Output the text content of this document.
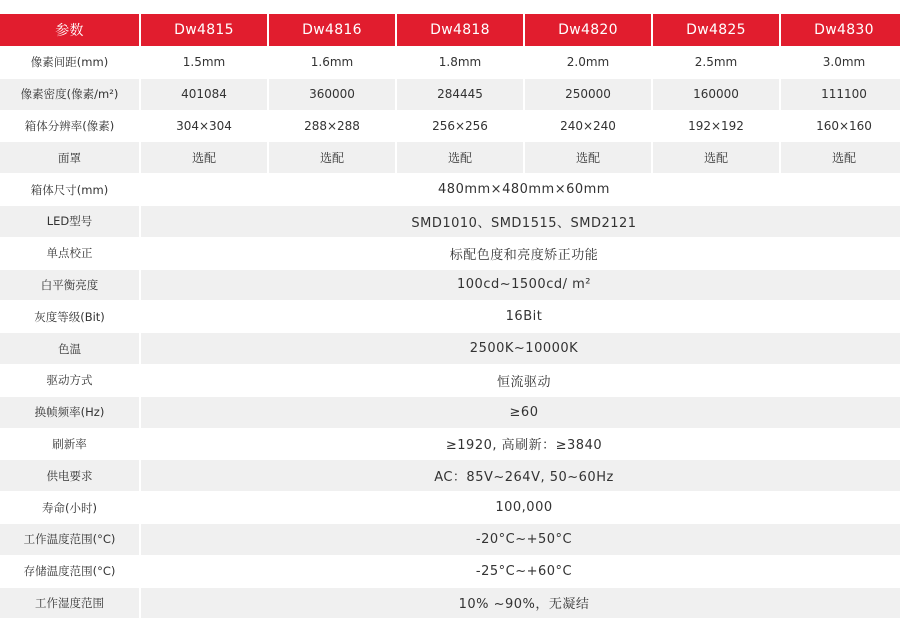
参数	Dw4815	Dw4816	Dw4818	Dw4820	Dw4825	Dw4830
像素间距(mm)	1.5mm	1.6mm	1.8mm	2.0mm	2.5mm	3.0mm
像素密度(像素/m²)	401084	360000	284445	250000	160000	111100
箱体分辨率(像素)	304×304	288×288	256×256	240×240	192×192	160×160
面罩	选配	选配	选配	选配	选配	选配
箱体尺寸(mm)	480mm×480mm×60mm					
LED型号	SMD1010、SMD1515、SMD2121					
单点校正	标配色度和亮度矫正功能					
白平衡亮度	100cd~1500cd/ m²					
灰度等级(Bit)	16Bit					
色温	2500K~10000K					
驱动方式	恒流驱动					
换帧频率(Hz)	≥60					
刷新率	≥1920, 高刷新：≥3840					
供电要求	AC：85V~264V, 50~60Hz					
寿命(小时)	100,000					
工作温度范围(°C)	-20°C~+50°C					
存储温度范围(°C)	-25°C~+60°C					
工作湿度范围	10% ~90%，无凝结					
